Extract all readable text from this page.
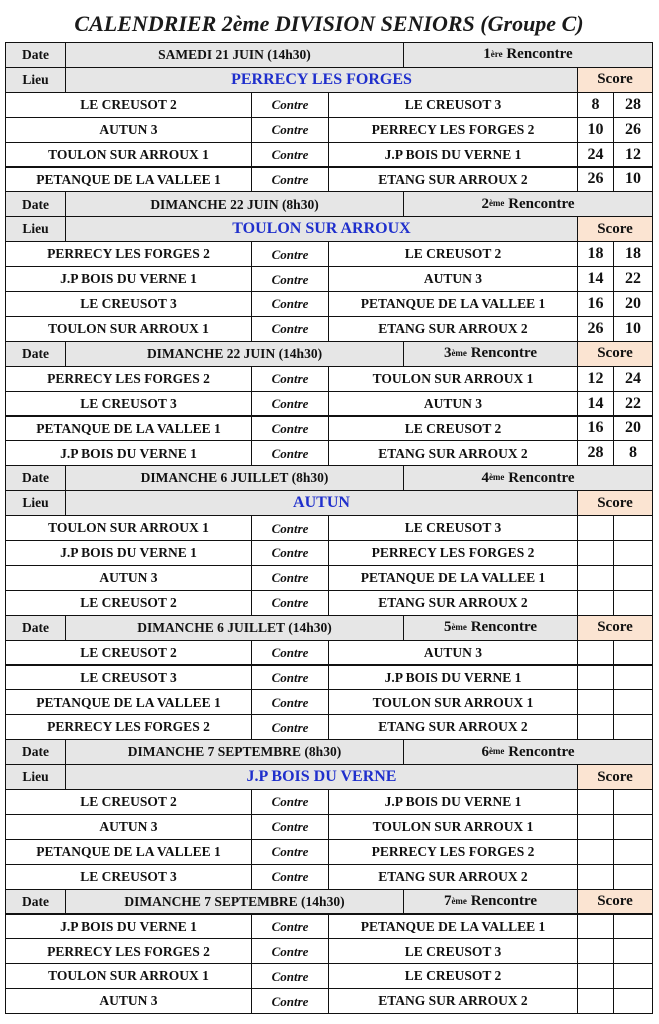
CALENDRIER 2ème DIVISION SENIORS (Groupe C)
Date	SAMEDI 21 JUIN (14h30)	1ère
Rencontre
Lieu	PERRECY LES FORGES	Score
LE CREUSOT 2	Contre	LE CREUSOT 3	8	28
AUTUN 3	Contre	PERRECY LES FORGES 2	10	26
TOULON SUR ARROUX 1	Contre	J.P BOIS DU VERNE 1	24	12
PETANQUE DE LA VALLEE 1	Contre	ETANG SUR ARROUX 2	26	10
Date	DIMANCHE 22 JUIN (8h30)	2ème
Rencontre
Lieu	TOULON SUR ARROUX	Score
PERRECY LES FORGES 2	Contre	LE CREUSOT 2	18	18
J.P BOIS DU VERNE 1	Contre	AUTUN 3	14	22
LE CREUSOT 3	Contre	PETANQUE DE LA VALLEE 1	16	20
TOULON SUR ARROUX 1	Contre	ETANG SUR ARROUX 2	26	10
Date	DIMANCHE 22 JUIN (14h30)	3ème
Rencontre	Score
PERRECY LES FORGES 2	Contre	TOULON SUR ARROUX 1	12	24
LE CREUSOT 3	Contre	AUTUN 3	14	22
PETANQUE DE LA VALLEE 1	Contre	LE CREUSOT 2	16	20
J.P BOIS DU VERNE 1	Contre	ETANG SUR ARROUX 2	28	8
Date	DIMANCHE 6 JUILLET (8h30)	4ème
Rencontre
Lieu	AUTUN	Score
TOULON SUR ARROUX 1	Contre	LE CREUSOT 3
J.P BOIS DU VERNE 1	Contre	PERRECY LES FORGES 2
AUTUN 3	Contre	PETANQUE DE LA VALLEE 1
LE CREUSOT 2	Contre	ETANG SUR ARROUX 2
Date	DIMANCHE 6 JUILLET (14h30)	5ème
Rencontre	Score
LE CREUSOT 2	Contre	AUTUN 3
LE CREUSOT 3	Contre	J.P BOIS DU VERNE 1
PETANQUE DE LA VALLEE 1	Contre	TOULON SUR ARROUX 1
PERRECY LES FORGES 2	Contre	ETANG SUR ARROUX 2
Date	DIMANCHE 7 SEPTEMBRE (8h30)	6ème
Rencontre
Lieu	J.P BOIS DU VERNE	Score
LE CREUSOT 2	Contre	J.P BOIS DU VERNE 1
AUTUN 3	Contre	TOULON SUR ARROUX 1
PETANQUE DE LA VALLEE 1	Contre	PERRECY LES FORGES 2
LE CREUSOT 3	Contre	ETANG SUR ARROUX 2
Date	DIMANCHE 7 SEPTEMBRE (14h30)	7ème
Rencontre	Score
J.P BOIS DU VERNE 1	Contre	PETANQUE DE LA VALLEE 1
PERRECY LES FORGES 2	Contre	LE CREUSOT 3
TOULON SUR ARROUX 1	Contre	LE CREUSOT 2
AUTUN 3	Contre	ETANG SUR ARROUX 2
